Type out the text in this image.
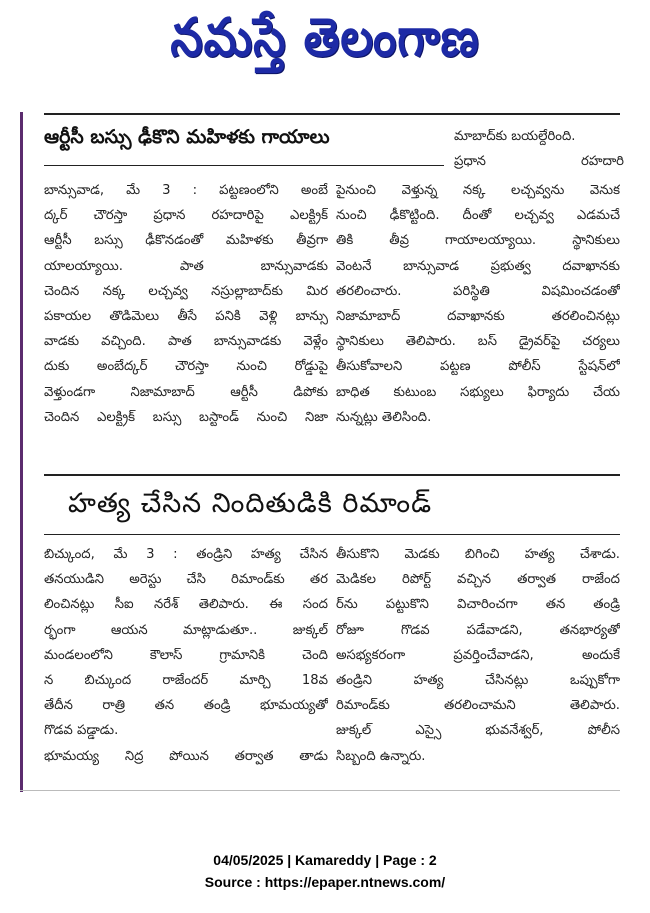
నమస్తే తెలంగాణ
ఆర్టీసీ బస్సు ఢీకొని మహిళకు గాయాలు	మాబాద్‌కు బయల్దేరింది.
ప్రధాన రహదారి
బాన్సువాడ, మే 3 : పట్టణంలోని అంబే
ద్కర్ చౌరస్తా ప్రధాన రహదారిపై ఎలక్ట్రిక్
ఆర్టీసీ బస్సు ఢీకొనడంతో మహిళకు తీవ్రగా
యాలయ్యాయి. పాత బాన్సువాడకు
చెందిన నక్క లచ్చవ్వ నస్రుల్లాబాద్‌కు మిర
పకాయల తొడిమెలు తీసే పనికి వెళ్లి బాన్సు
వాడకు వచ్చింది. పాత బాన్సువాడకు వెళ్లేం
దుకు అంబేద్కర్ చౌరస్తా నుంచి రోడ్డుపై
వెళ్తుండగా నిజామాబాద్ ఆర్టీసీ డిపోకు
చెందిన ఎలక్ట్రిక్ బస్సు బస్టాండ్ నుంచి నిజా
పైనుంచి వెళ్తున్న నక్క లచ్చవ్వను వెనుక
నుంచి ఢీకొట్టింది. దీంతో లచ్చవ్వ ఎడమచే
తికి తీవ్ర గాయాలయ్యాయి. స్థానికులు
వెంటనే బాన్సువాడ ప్రభుత్వ దవాఖానకు
తరలించారు. పరిస్థితి విషమించడంతో
నిజామాబాద్ దవాఖానకు తరలించినట్లు
స్థానికులు తెలిపారు. బస్ డ్రైవర్‌పై చర్యలు
తీసుకోవాలని పట్టణ పోలీస్ స్టేషన్‌లో
బాధిత కుటుంబ సభ్యులు ఫిర్యాదు చేయ
నున్నట్లు తెలిసింది.
హత్య చేసిన నిందితుడికి రిమాండ్
బిచ్కుంద, మే 3 : తండ్రిని హత్య చేసిన
తనయుడిని అరెస్టు చేసి రిమాండ్‌కు తర
లించినట్లు సీఐ నరేశ్ తెలిపారు. ఈ సంద
ర్భంగా ఆయన మాట్లాడుతూ.. జుక్కల్
మండలంలోని కౌలాస్ గ్రామానికి చెంది
న బిచ్కుంద రాజేందర్ మార్చి 18వ
తేదీన రాత్రి తన తండ్రి భూమయ్యతో
గొడవ పడ్డాడు.
భూమయ్య నిద్ర పోయిన తర్వాత తాడు
తీసుకొని మెడకు బిగించి హత్య చేశాడు.
మెడికల రిపోర్ట్ వచ్చిన తర్వాత రాజేంద
ర్‌ను పట్టుకొని విచారించగా తన తండ్రి
రోజూ గొడవ పడేవాడని, తనభార్యతో
అసభ్యకరంగా ప్రవర్తించేవాడని, అందుకే
తండ్రిని హత్య చేసినట్లు ఒప్పుకోగా
రిమాండ్‌కు తరలించామని తెలిపారు.
జుక్కల్ ఎస్సై భువనేశ్వర్, పోలీస
సిబ్బంది ఉన్నారు.
04/05/2025 | Kamareddy | Page : 2
Source : https://epaper.ntnews.com/
